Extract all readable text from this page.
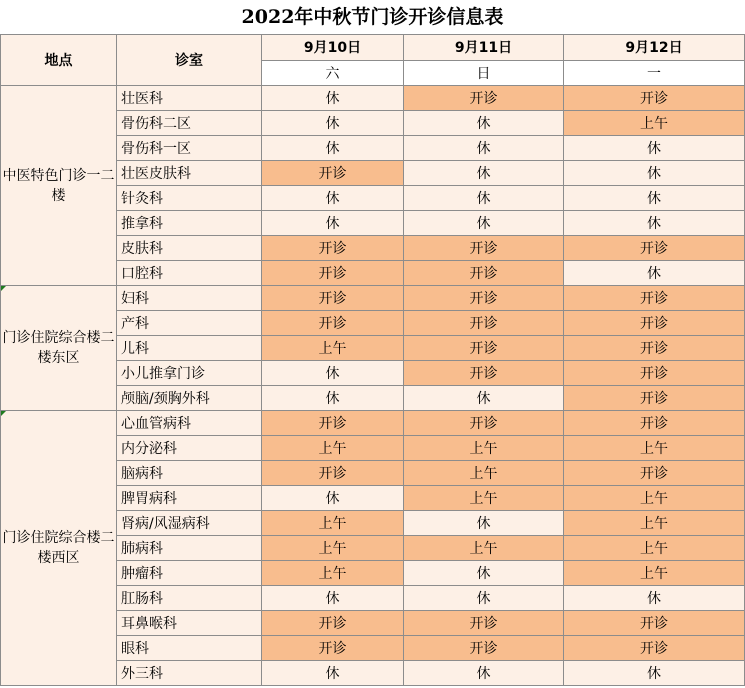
2022年中秋节门诊开诊信息表
地点	诊室	9月10日	9月11日	9月12日
		六	日	一
中医特色门诊一二楼	壮医科	休	开诊	开诊
	骨伤科二区	休	休	上午
	骨伤科一区	休	休	休
	壮医皮肤科	开诊	休	休
	针灸科	休	休	休
	推拿科	休	休	休
	皮肤科	开诊	开诊	开诊
	口腔科	开诊	开诊	休
门诊住院综合楼二楼东区	妇科	开诊	开诊	开诊
	产科	开诊	开诊	开诊
	儿科	上午	开诊	开诊
	小儿推拿门诊	休	开诊	开诊
	颅脑/颈胸外科	休	休	开诊
门诊住院综合楼二楼西区	心血管病科	开诊	开诊	开诊
	内分泌科	上午	上午	上午
	脑病科	开诊	上午	开诊
	脾胃病科	休	上午	上午
	肾病/风湿病科	上午	休	上午
	肺病科	上午	上午	上午
	肿瘤科	上午	休	上午
	肛肠科	休	休	休
	耳鼻喉科	开诊	开诊	开诊
	眼科	开诊	开诊	开诊
	外三科	休	休	休
